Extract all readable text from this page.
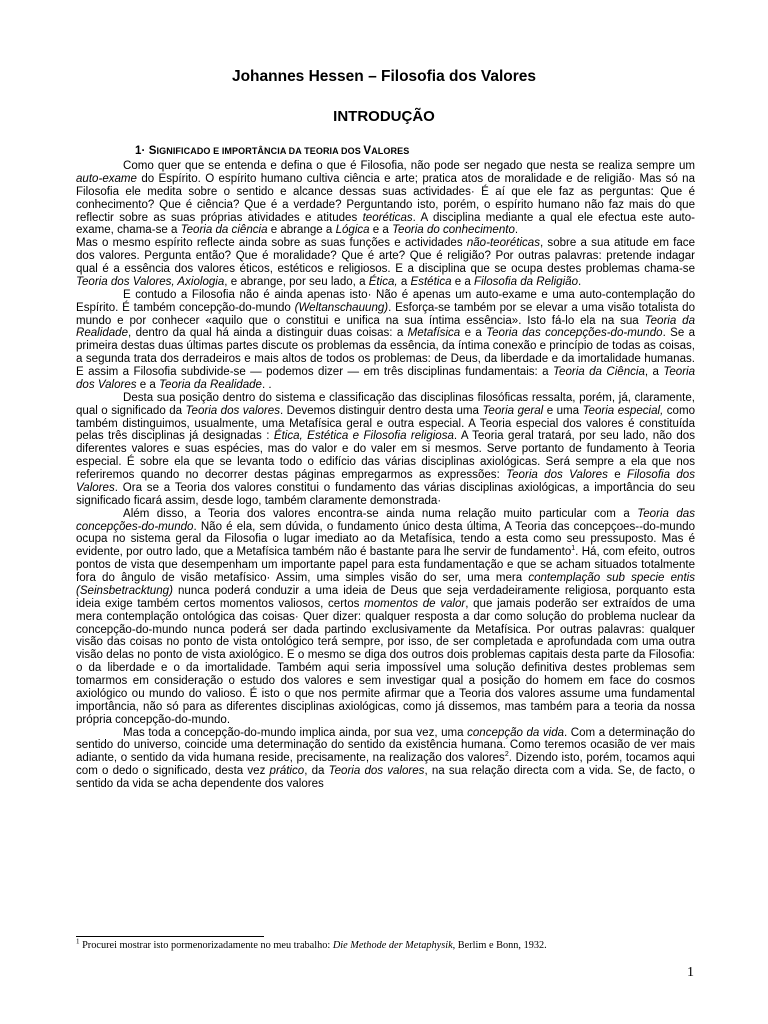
Johannes Hessen – Filosofia dos Valores
INTRODUÇÃO
1· SIGNIFICADO E IMPORTÂNCIA DA TEORIA DOS VALORES

Como quer que se entenda e defina o que é Filosofia, não pode ser negado que nesta se realiza sempre um auto-exame do Espírito. O espírito humano cultiva ciência e arte; pratica atos de moralidade e de religião· Mas só na Filosofia ele medita sobre o sentido e alcance dessas suas actividades· É aí que ele faz as perguntas: Que é conhecimento? Que é ciência? Que é a verdade? Perguntando isto, porém, o espírito humano não faz mais do que reflectir sobre as suas próprias atividades e atitudes teoréticas. A disciplina mediante a qual ele efectua este auto-exame, chama-se a Teoria da ciência e abrange a Lógica e a Teoria do conhecimento.

Mas o mesmo espírito reflecte ainda sobre as suas funções e actividades não-teoréticas, sobre a sua atitude em face dos valores. Pergunta então? Que é moralidade? Que é arte? Que é religião? Por outras palavras: pretende indagar qual é a essência dos valores éticos, estéticos e religiosos. E a disciplina que se ocupa destes problemas chama-se Teoria dos Valores, Axiologia, e abrange, por seu lado, a Ética, a Estética e a Filosofia da Religião.

E contudo a Filosofia não é ainda apenas isto· Não é apenas um auto-exame e uma auto-contemplação do Espírito. É também concepção-do-mundo (Weltanschauung). Esforça-se também por se elevar a uma visão totalista do mundo e por conhecer «aquilo que o constitui e unifica na sua íntima essência». Isto fá-lo ela na sua Teoria da Realidade, dentro da qual há ainda a distinguir duas coisas: a Metafísica e a Teoria das concepções-do-mundo. Se a primeira destas duas últimas partes discute os problemas da essência, da íntima conexão e princípio de todas as coisas, a segunda trata dos derradeiros e mais altos de todos os problemas: de Deus, da liberdade e da imortalidade humanas. E assim a Filosofia subdivide-se — podemos dizer — em três disciplinas fundamentais: a Teoria da Ciência, a Teoria dos Valores e a Teoria da Realidade. .

Desta sua posição dentro do sistema e classificação das disciplinas filosóficas ressalta, porém, já, claramente, qual o significado da Teoria dos valores. Devemos distinguir dentro desta uma Teoria geral e uma Teoria especial, como também distinguimos, usualmente, uma Metafísica geral e outra especial. A Teoria especial dos valores é constituída pelas três disciplinas já designadas : Ética, Estética e Filosofia religiosa. A Teoria geral tratará, por seu lado, não dos diferentes valores e suas espécies, mas do valor e do valer em si mesmos. Serve portanto de fundamento à Teoria especial. É sobre ela que se levanta todo o edifício das várias disciplinas axiológicas. Será sempre a ela que nos referiremos quando no decorrer destas páginas empregarmos as expressões: Teoria dos Valores e Filosofia dos Valores. Ora se a Teoria dos valores constitui o fundamento das várias disciplinas axiológicas, a importância do seu significado ficará assim, desde logo, também claramente demonstrada·

Além disso, a Teoria dos valores encontra-se ainda numa relação muito particular com a Teoria das concepções-do-mundo. Não é ela, sem dúvida, o fundamento único desta última, A Teoria das concepçoes--do-mundo ocupa no sistema geral da Filosofia o lugar imediato ao da Metafísica, tendo a esta como seu pressuposto. Mas é evidente, por outro lado, que a Metafísica também não é bastante para lhe servir de fundamento$^1$. Há, com efeito, outros pontos de vista que desempenham um importante papel para esta fundamentação e que se acham situados totalmente fora do ângulo de visão metafísico· Assim, uma simples visão do ser, uma mera contemplação sub specie entis (Seinsbetracktung) nunca poderá conduzir a uma ideia de Deus que seja verdadeiramente religiosa, porquanto esta ideia exige também certos momentos valiosos, certos momentos de valor, que jamais poderão ser extraídos de uma mera contemplação ontológica das coisas· Quer dizer: qualquer resposta a dar como solução do problema nuclear da concepção-do-mundo nunca poderá ser dada partindo exclusivamente da Metafísica. Por outras palavras: qualquer visão das coisas no ponto de vista ontológico terá sempre, por isso, de ser completada e aprofundada com uma outra visão delas no ponto de vista axiológico. E o mesmo se diga dos outros dois problemas capitais desta parte da Filosofia: o da liberdade e o da imortalidade. Também aqui seria impossível uma solução definitiva destes problemas sem tomarmos em consideração o estudo dos valores e sem investigar qual a posição do homem em face do cosmos axiológico ou mundo do valioso. É isto o que nos permite afirmar que a Teoria dos valores assume uma fundamental importância, não só para as diferentes disciplinas axiológicas, como já dissemos, mas também para a teoria da nossa própria concepção-do-mundo.

Mas toda a concepção-do-mundo implica ainda, por sua vez, uma concepção da vida. Com a determinação do sentido do universo, coincide uma determinação do sentido da existência humana. Como teremos ocasião de ver mais adiante, o sentido da vida humana reside, precisamente, na realização dos valores$^2$. Dizendo isto, porém, tocamos aqui com o dedo o significado, desta vez prático, da Teoria dos valores, na sua relação directa com a vida. Se, de facto, o sentido da vida se acha dependente dos valores

$^1$ Procurei mostrar isto pormenorizadamente no meu trabalho: Die Methode der Metaphysik, Berlim e Bonn, 1932.
1
